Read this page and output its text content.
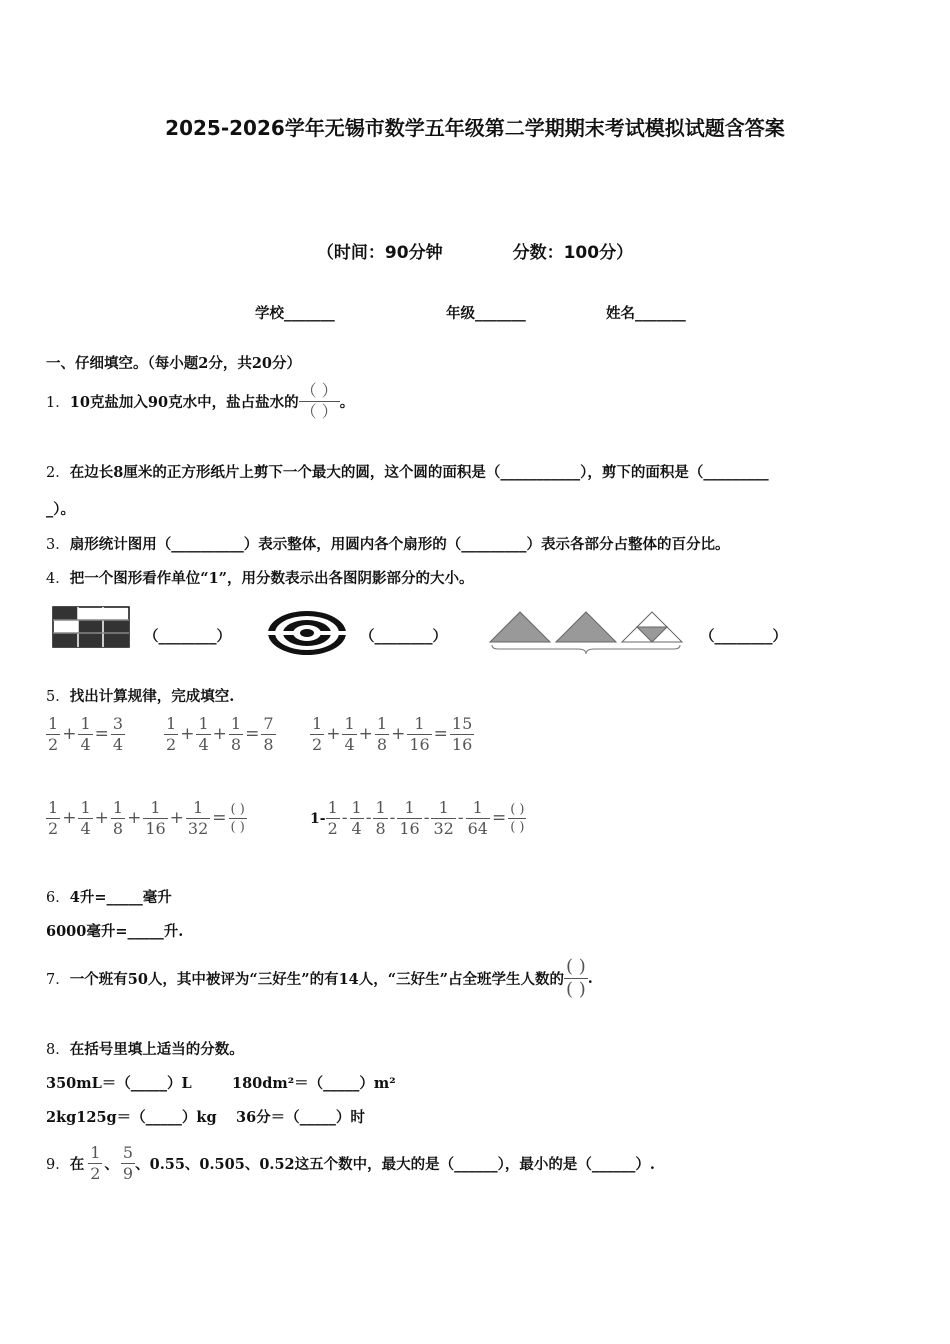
2025-2026学年无锡市数学五年级第二学期期末考试模拟试题含答案
（时间：90分钟	分数：100分）
学校_______	年级_______	姓名_______
一、仔细填空。（每小题2分，共20分）
1． 10克盐加入90克水中，盐占盐水的 $\frac{( )}{( )}$ 。
2．在边长8厘米的正方形纸片上剪下一个最大的圆，这个圆的面积是（___________），剪下的面积是（_________
_）。
3．扇形统计图用（__________）表示整体，用圆内各个扇形的（_________）表示各部分占整体的百分比。
4．把一个图形看作单位“1”，用分数表示出各图阴影部分的大小。
（________）	（________）	（________）
5．找出计算规律，完成填空.
$\frac{1}{2} + \frac{1}{4} = \frac{3}{4} \frac{1}{2} + \frac{1}{4} + \frac{1}{8} = \frac{7}{8} \frac{1}{2} + \frac{1}{4} + \frac{1}{8} + \frac{1}{16} = \frac{15}{16}$
$\frac{1}{2} + \frac{1}{4} + \frac{1}{8} + \frac{1}{16} + \frac{1}{32} = \frac{( )}{( )}$	$1- \frac{1}{2} - \frac{1}{4} - \frac{1}{8} - \frac{1}{16} - \frac{1}{32} - \frac{1}{64} = \frac{( )}{( )}$
6．4升=_____毫升
6000毫升=_____升.
7． 一个班有50人，其中被评为“三好生”的有14人，“三好生”占全班学生人数的 $\frac{( )}{( )}$ .
8．在括号里填上适当的分数。
350mL＝（_____）L	180dm²＝（_____）m²
2kg125g＝（_____）kg 36分＝（_____）时
9． 在 $\frac{1}{2}$ 、 $\frac{5}{9}$ 、0.55、0.505、0.52这五个数中，最大的是（______），最小的是（______）.
